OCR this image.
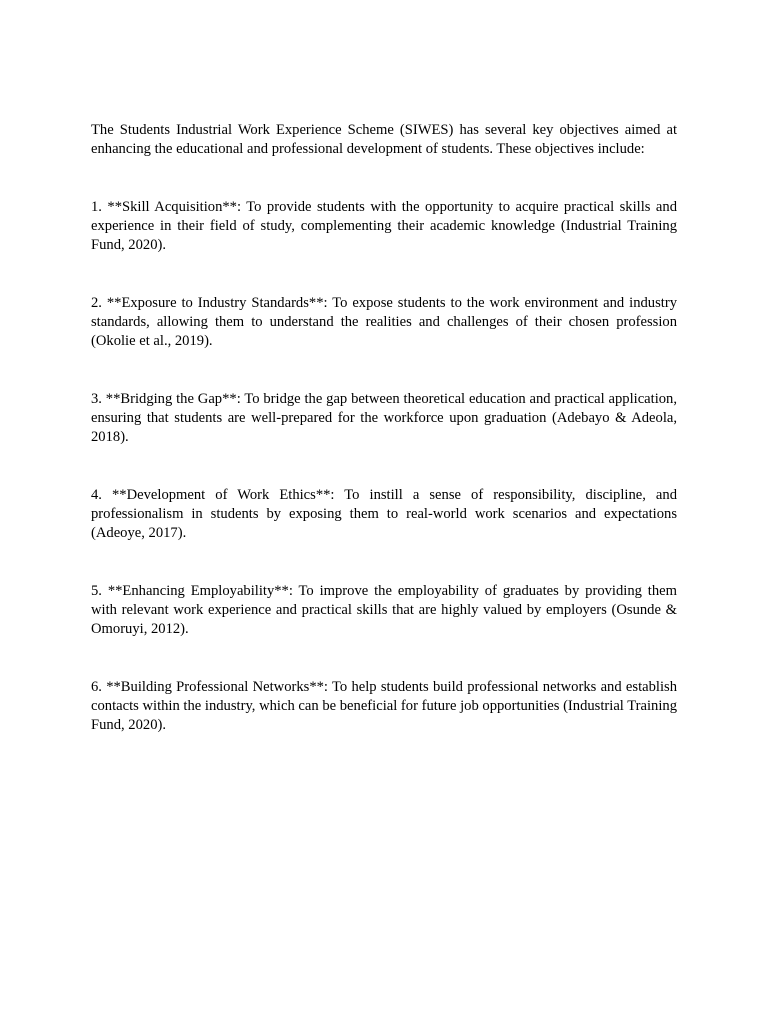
The Students Industrial Work Experience Scheme (SIWES) has several key objectives aimed at enhancing the educational and professional development of students. These objectives include:

1. **Skill Acquisition**: To provide students with the opportunity to acquire practical skills and experience in their field of study, complementing their academic knowledge (Industrial Training Fund, 2020).

2. **Exposure to Industry Standards**: To expose students to the work environment and industry standards, allowing them to understand the realities and challenges of their chosen profession (Okolie et al., 2019).

3. **Bridging the Gap**: To bridge the gap between theoretical education and practical application, ensuring that students are well-prepared for the workforce upon graduation (Adebayo & Adeola, 2018).

4. **Development of Work Ethics**: To instill a sense of responsibility, discipline, and professionalism in students by exposing them to real-world work scenarios and expectations (Adeoye, 2017).

5. **Enhancing Employability**: To improve the employability of graduates by providing them with relevant work experience and practical skills that are highly valued by employers (Osunde & Omoruyi, 2012).

6. **Building Professional Networks**: To help students build professional networks and establish contacts within the industry, which can be beneficial for future job opportunities (Industrial Training Fund, 2020).
